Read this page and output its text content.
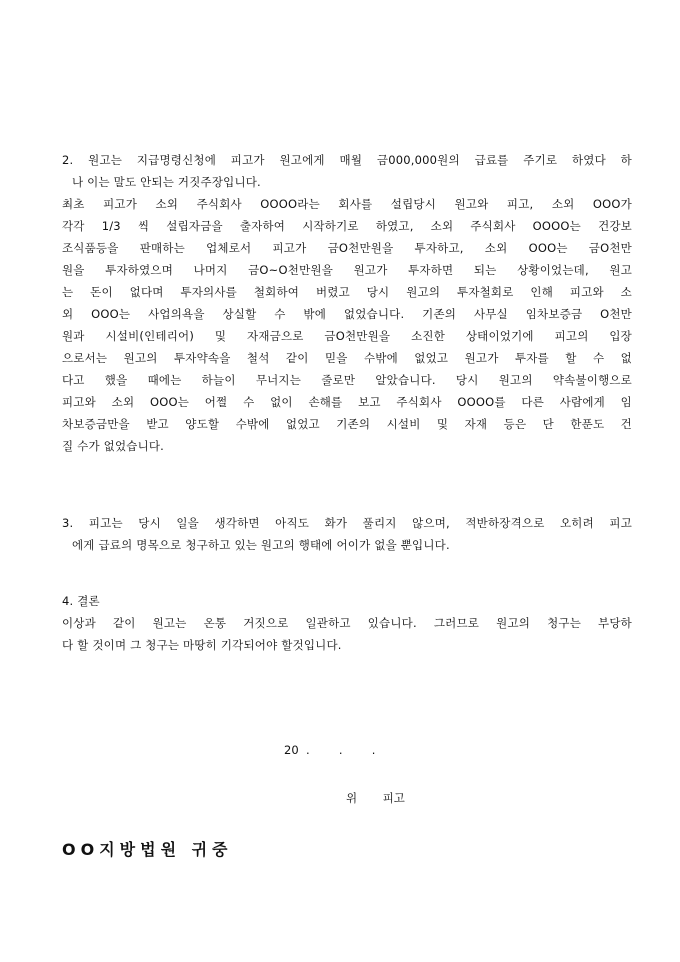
2. 원고는 지급명령신청에 피고가 원고에게 매월 금000,000원의 급료를 주기로 하였다 하
나 이는 말도 안되는 거짓주장입니다.
최초 피고가 소외 주식회사 OOOO라는 회사를 설립당시 원고와 피고, 소외 OOO가
각각 1/3 씩 설립자금을 출자하여 시작하기로 하였고, 소외 주식회사 OOOO는 건강보
조식품등을 판매하는 업체로서 피고가 금O천만원을 투자하고, 소외 OOO는 금O천만
원을 투자하였으며 나머지 금O~O천만원을 원고가 투자하면 되는 상황이었는데, 원고
는 돈이 없다며 투자의사를 철회하여 버렸고 당시 원고의 투자철회로 인해 피고와 소
외 OOO는 사업의욕을 상실할 수 밖에 없었습니다. 기존의 사무실 임차보증금 O천만
원과 시설비(인테리어) 및 자재금으로 금O천만원을 소진한 상태이었기에 피고의 입장
으로서는 원고의 투자약속을 철석 같이 믿을 수밖에 없었고 원고가 투자를 할 수 없
다고 했을 때에는 하늘이 무너지는 줄로만 알았습니다. 당시 원고의 약속불이행으로
피고와 소외 OOO는 어쩔 수 없이 손해를 보고 주식회사 OOOO를 다른 사람에게 임
차보증금만을 받고 양도할 수밖에 없었고 기존의 시설비 및 자재 등은 단 한푼도 건
질 수가 없었습니다.
3. 피고는 당시 일을 생각하면 아직도 화가 풀리지 않으며, 적반하장격으로 오히려 피고
에게 급료의 명목으로 청구하고 있는 원고의 행태에 어이가 없을 뿐입니다.
4. 결론
이상과 같이 원고는 온통 거짓으로 일관하고 있습니다. 그러므로 원고의 청구는 부당하
다 할 것이며 그 청구는 마땅히 기각되어야 할것입니다.
20  .        .        .
위       피고
OO지방법원 귀중
